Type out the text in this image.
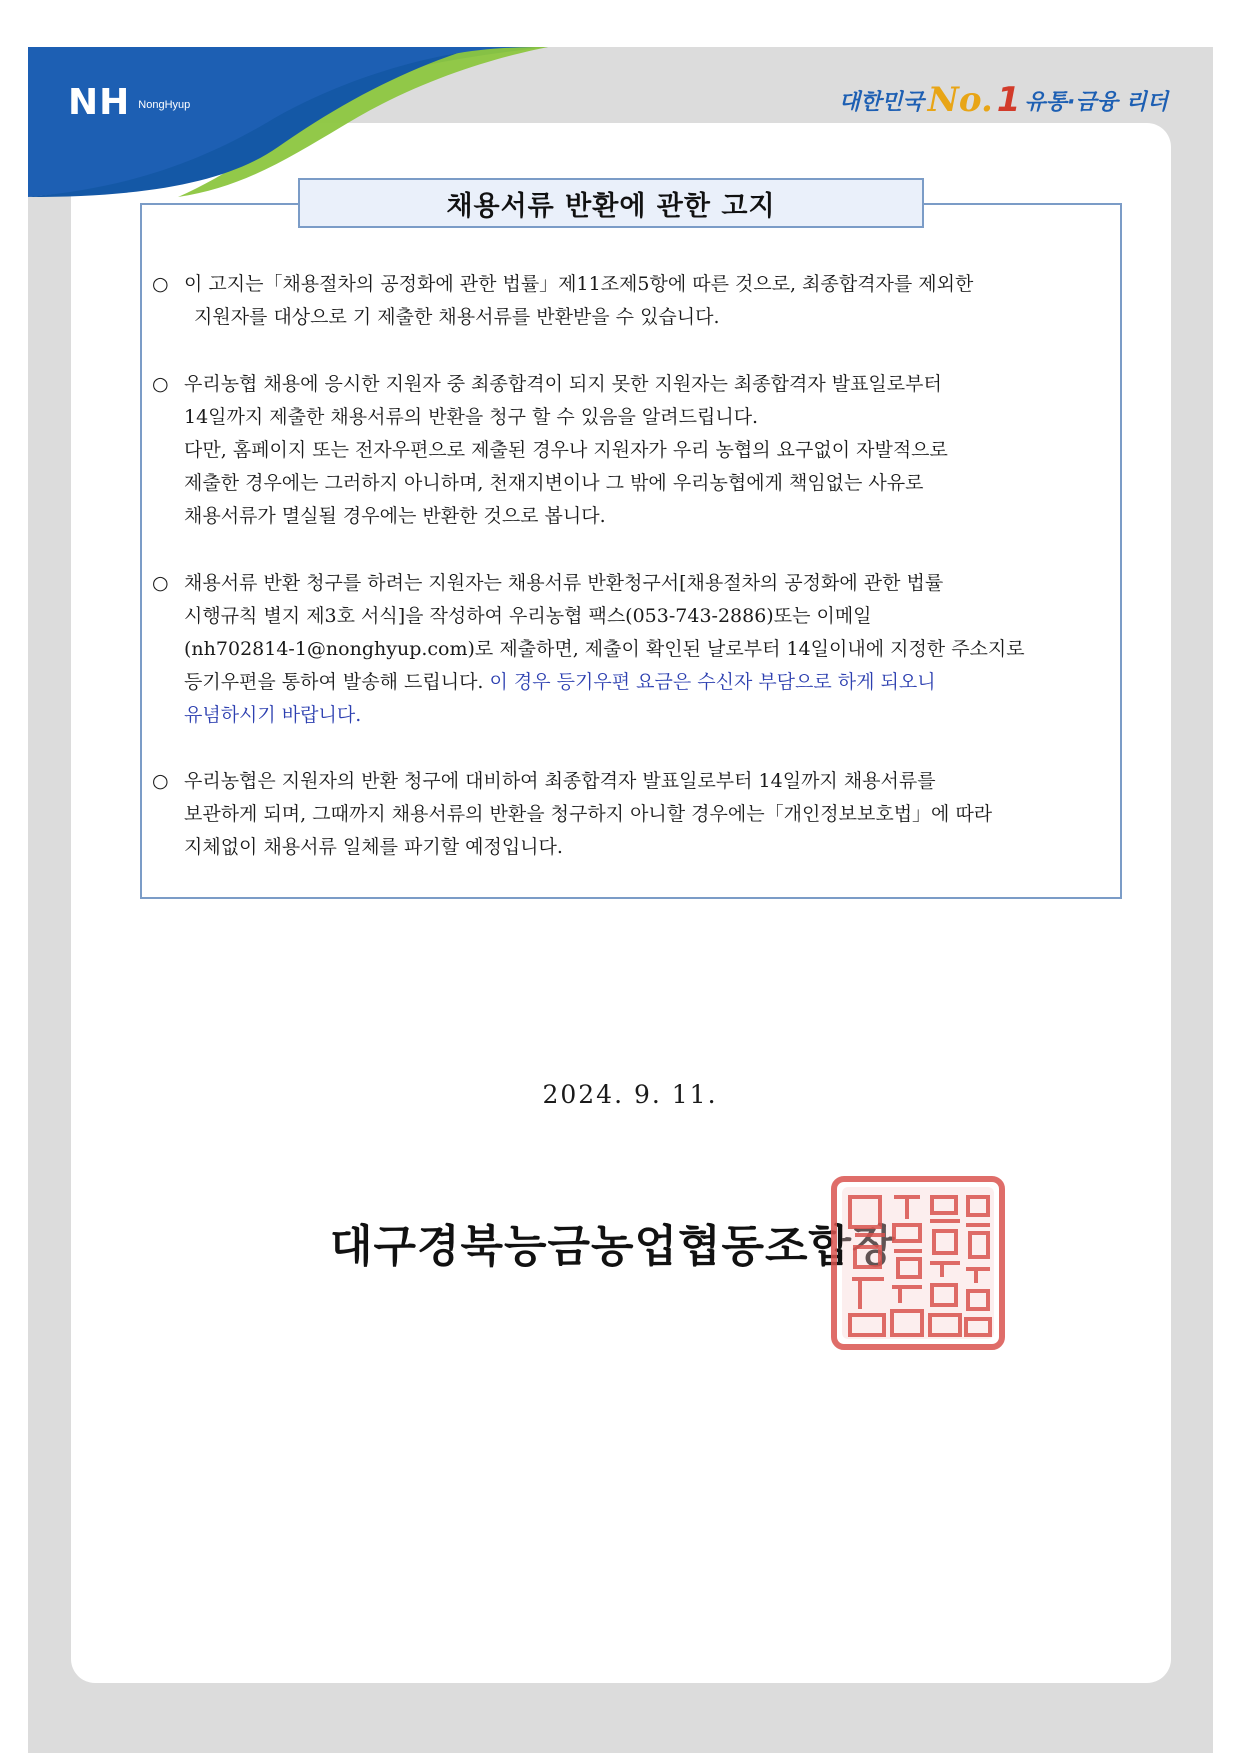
NH NongHyup	대한민국 No. 1 유통·금융 리더
채용서류 반환에 관한 고지
○ 이 고지는「채용절차의 공정화에 관한 법률」제11조제5항에 따른 것으로, 최종합격자를 제외한
지원자를 대상으로 기 제출한 채용서류를 반환받을 수 있습니다.
○ 우리농협 채용에 응시한 지원자 중 최종합격이 되지 못한 지원자는 최종합격자 발표일로부터
14일까지 제출한 채용서류의 반환을 청구 할 수 있음을 알려드립니다.
다만, 홈페이지 또는 전자우편으로 제출된 경우나 지원자가 우리 농협의 요구없이 자발적으로
제출한 경우에는 그러하지 아니하며, 천재지변이나 그 밖에 우리농협에게 책임없는 사유로
채용서류가 멸실될 경우에는 반환한 것으로 봅니다.
○ 채용서류 반환 청구를 하려는 지원자는 채용서류 반환청구서[채용절차의 공정화에 관한 법률
시행규칙 별지 제3호 서식]을 작성하여 우리농협 팩스(053-743-2886)또는 이메일
(nh702814-1@nonghyup.com)로 제출하면, 제출이 확인된 날로부터 14일이내에 지정한 주소지로
등기우편을 통하여 발송해 드립니다. 이 경우 등기우편 요금은 수신자 부담으로 하게 되오니
유념하시기 바랍니다.
○ 우리농협은 지원자의 반환 청구에 대비하여 최종합격자 발표일로부터 14일까지 채용서류를
보관하게 되며, 그때까지 채용서류의 반환을 청구하지 아니할 경우에는「개인정보보호법」에 따라
지체없이 채용서류 일체를 파기할 예정입니다.
2024. 9. 11.
대구경북능금농업협동조합장
